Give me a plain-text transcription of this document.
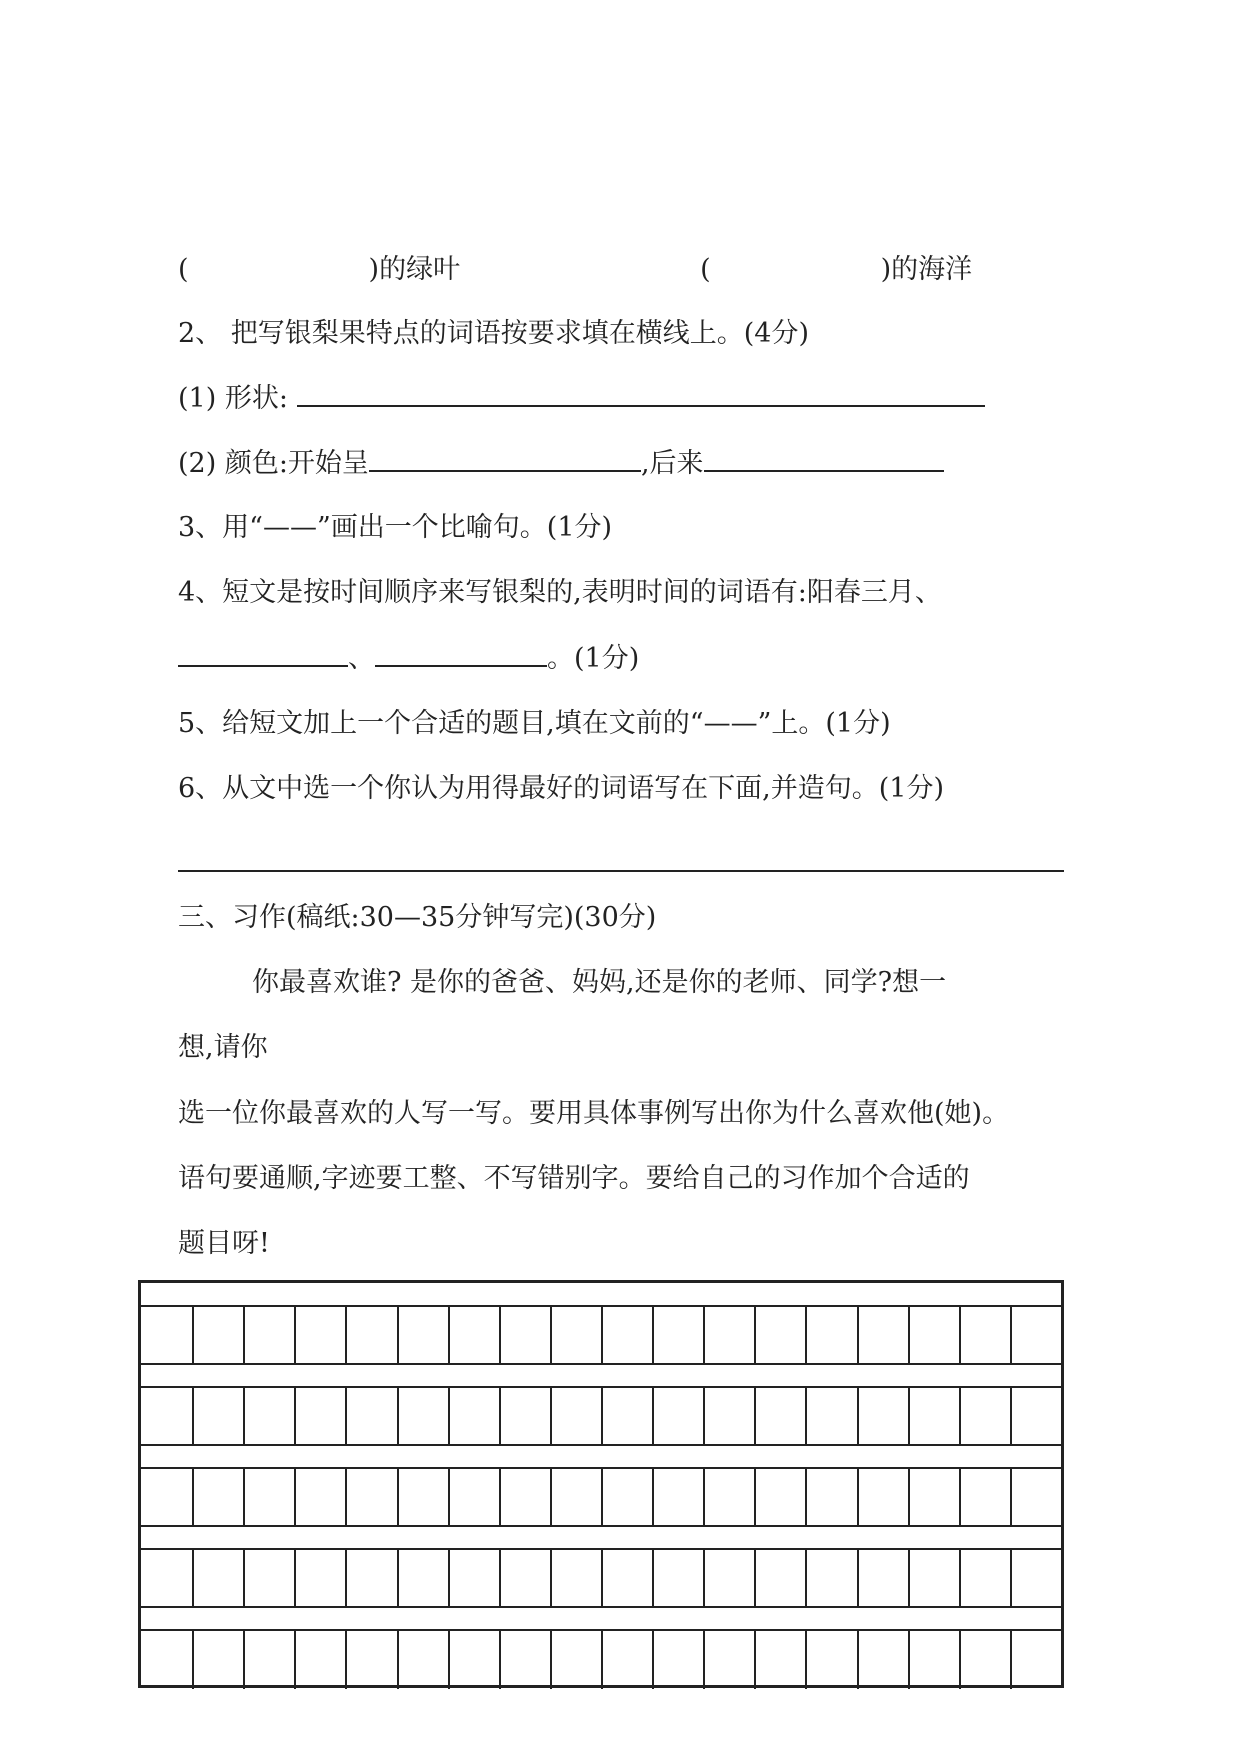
(	)的绿叶	(	)的海洋
2、 把写银梨果特点的词语按要求填在横线上。(4分)
(1) 形状:
(2) 颜色:开始呈	,后来
3、用“——”画出一个比喻句。(1分)
4、短文是按时间顺序来写银梨的,表明时间的词语有:阳春三月、
、	。(1分)
5、给短文加上一个合适的题目,填在文前的“——”上。(1分)
6、从文中选一个你认为用得最好的词语写在下面,并造句。(1分)
三、习作(稿纸:30—35分钟写完)(30分)
你最喜欢谁? 是你的爸爸、妈妈,还是你的老师、同学?想一
想,请你
选一位你最喜欢的人写一写。要用具体事例写出你为什么喜欢他(她)。
语句要通顺,字迹要工整、不写错别字。要给自己的习作加个合适的
题目呀!
